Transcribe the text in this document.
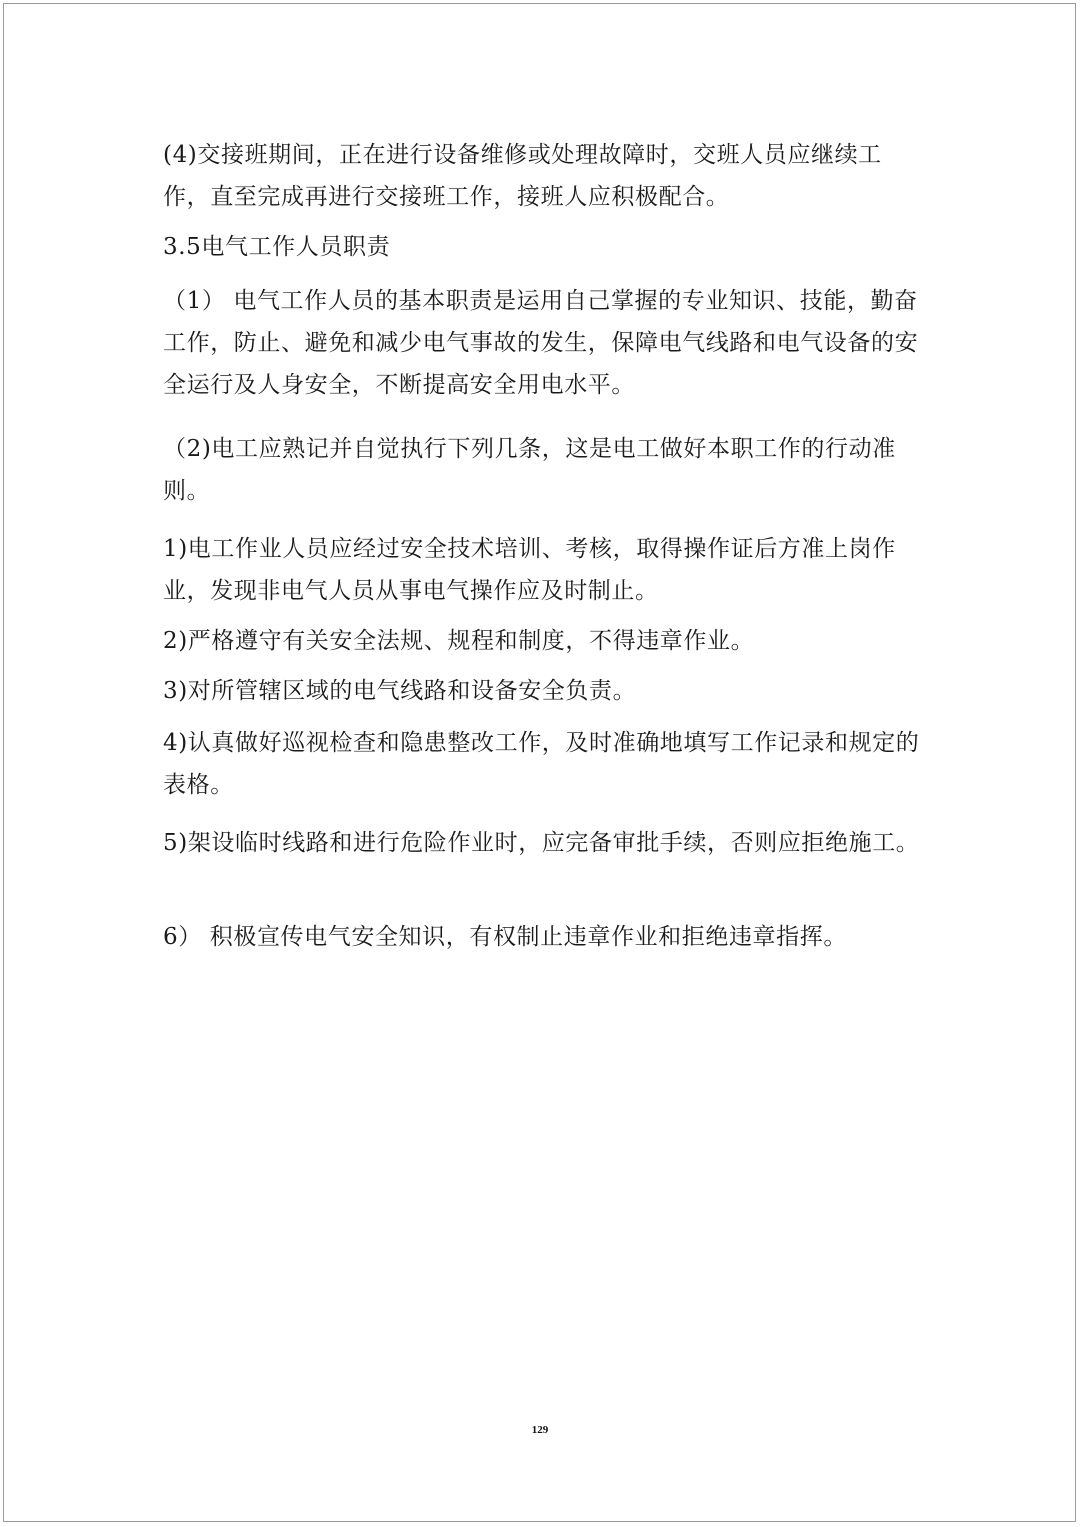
(4)交接班期间，正在进行设备维修或处理故障时，交班人员应继续工作，直至完成再进行交接班工作，接班人应积极配合。

3.5电气工作人员职责

（1） 电气工作人员的基本职责是运用自己掌握的专业知识、技能，勤奋工作，防止、避免和减少电气事故的发生，保障电气线路和电气设备的安全运行及人身安全，不断提高安全用电水平。

（2)电工应熟记并自觉执行下列几条，这是电工做好本职工作的行动准则。

1)电工作业人员应经过安全技术培训、考核，取得操作证后方准上岗作业，发现非电气人员从事电气操作应及时制止。

2)严格遵守有关安全法规、规程和制度，不得违章作业。

3)对所管辖区域的电气线路和设备安全负责。

4)认真做好巡视检查和隐患整改工作，及时准确地填写工作记录和规定的表格。

5)架设临时线路和进行危险作业时，应完备审批手续，否则应拒绝施工。

6） 积极宣传电气安全知识，有权制止违章作业和拒绝违章指挥。

129
